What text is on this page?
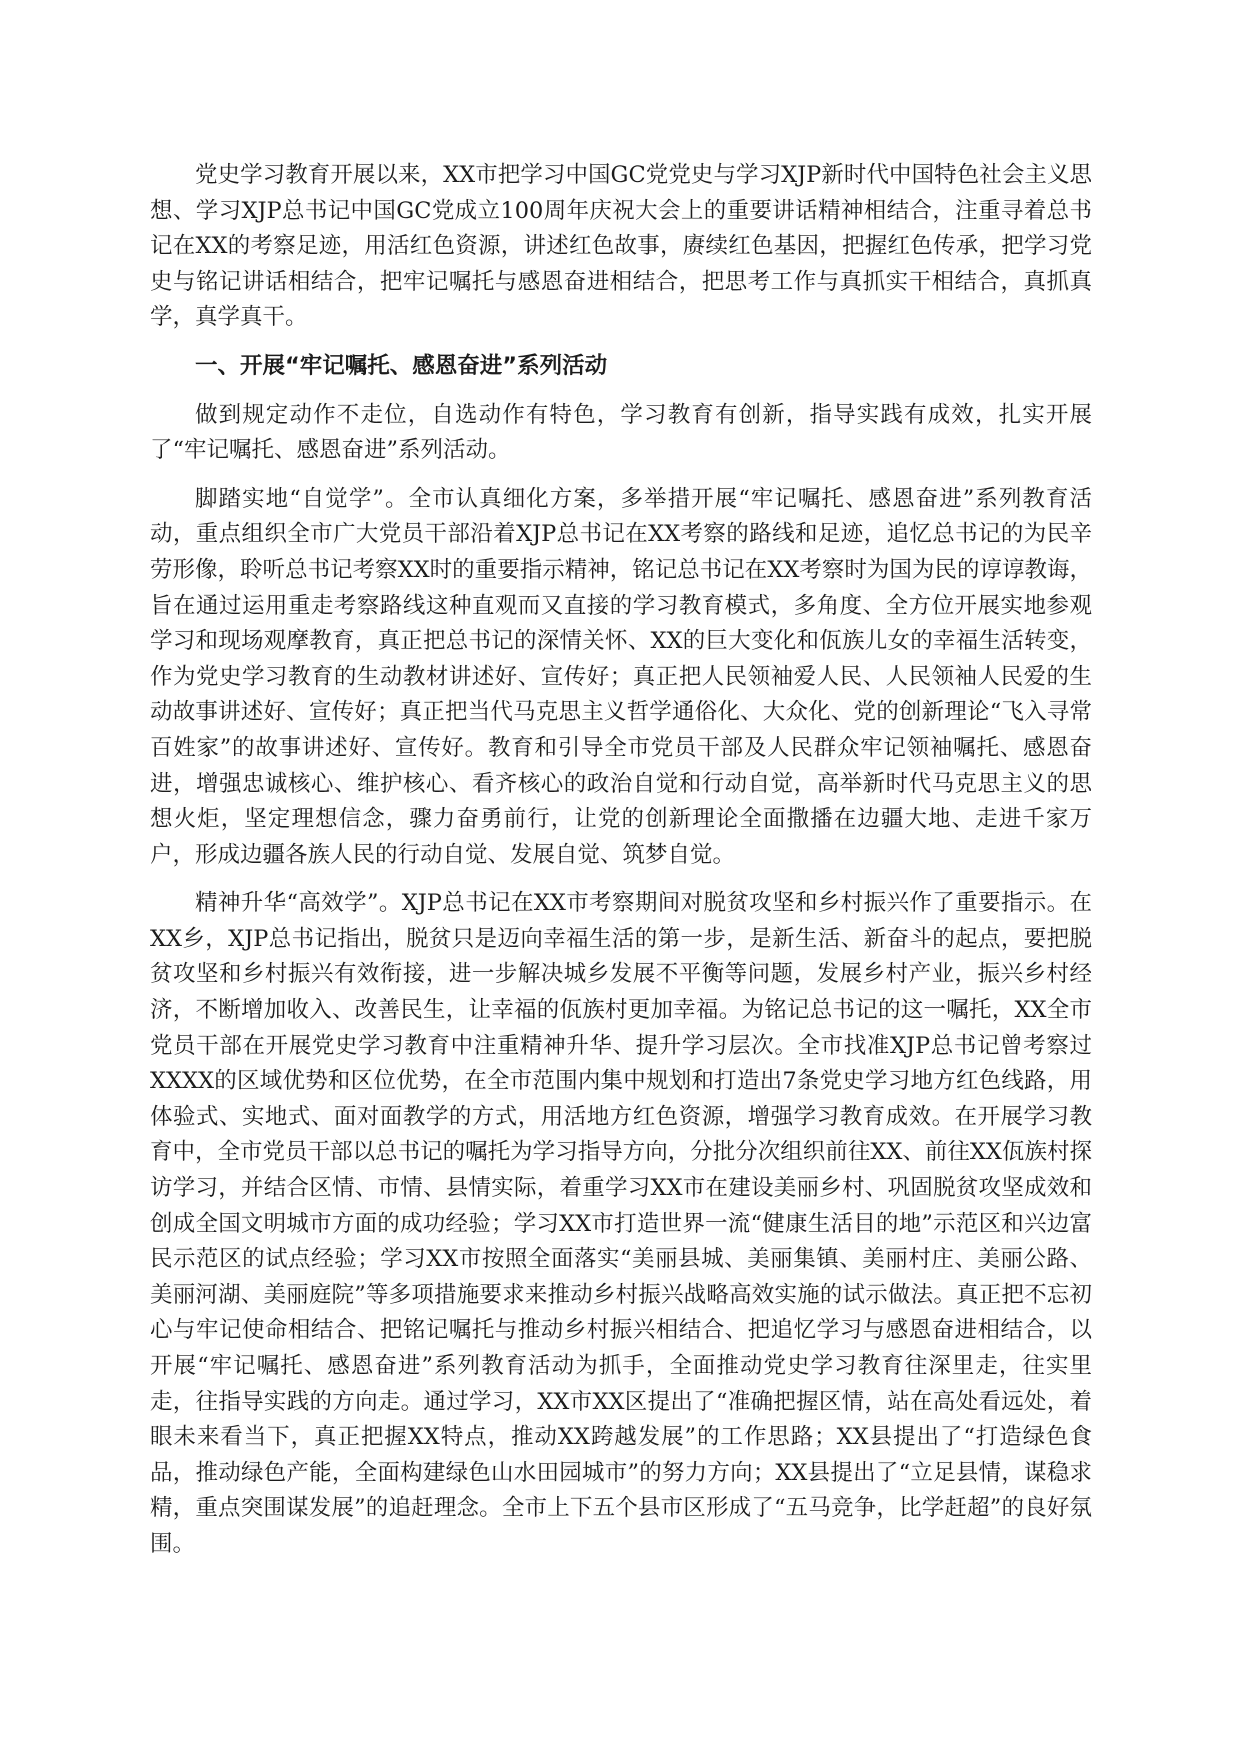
党史学习教育开展以来，XX市把学习中国GC党党史与学习XJP新时代中国特色社会主义思想、学习XJP总书记中国GC党成立100周年庆祝大会上的重要讲话精神相结合，注重寻着总书记在XX的考察足迹，用活红色资源，讲述红色故事，赓续红色基因，把握红色传承，把学习党史与铭记讲话相结合，把牢记嘱托与感恩奋进相结合，把思考工作与真抓实干相结合，真抓真学，真学真干。

一、开展“牢记嘱托、感恩奋进”系列活动

做到规定动作不走位，自选动作有特色，学习教育有创新，指导实践有成效，扎实开展了“牢记嘱托、感恩奋进”系列活动。

脚踏实地“自觉学”。全市认真细化方案，多举措开展“牢记嘱托、感恩奋进”系列教育活动，重点组织全市广大党员干部沿着XJP总书记在XX考察的路线和足迹，追忆总书记的为民辛劳形像，聆听总书记考察XX时的重要指示精神，铭记总书记在XX考察时为国为民的谆谆教诲，旨在通过运用重走考察路线这种直观而又直接的学习教育模式，多角度、全方位开展实地参观学习和现场观摩教育，真正把总书记的深情关怀、XX的巨大变化和佤族儿女的幸福生活转变，作为党史学习教育的生动教材讲述好、宣传好；真正把人民领袖爱人民、人民领袖人民爱的生动故事讲述好、宣传好；真正把当代马克思主义哲学通俗化、大众化、党的创新理论“飞入寻常百姓家”的故事讲述好、宣传好。教育和引导全市党员干部及人民群众牢记领袖嘱托、感恩奋进，增强忠诚核心、维护核心、看齐核心的政治自觉和行动自觉，高举新时代马克思主义的思想火炬，坚定理想信念，骤力奋勇前行，让党的创新理论全面撒播在边疆大地、走进千家万户，形成边疆各族人民的行动自觉、发展自觉、筑梦自觉。

精神升华“高效学”。XJP总书记在XX市考察期间对脱贫攻坚和乡村振兴作了重要指示。在XX乡，XJP总书记指出，脱贫只是迈向幸福生活的第一步，是新生活、新奋斗的起点，要把脱贫攻坚和乡村振兴有效衔接，进一步解决城乡发展不平衡等问题，发展乡村产业，振兴乡村经济，不断增加收入、改善民生，让幸福的佤族村更加幸福。为铭记总书记的这一嘱托，XX全市党员干部在开展党史学习教育中注重精神升华、提升学习层次。全市找准XJP总书记曾考察过XXXX的区域优势和区位优势，在全市范围内集中规划和打造出7条党史学习地方红色线路，用体验式、实地式、面对面教学的方式，用活地方红色资源，增强学习教育成效。在开展学习教育中，全市党员干部以总书记的嘱托为学习指导方向，分批分次组织前往XX、前往XX佤族村探访学习，并结合区情、市情、县情实际，着重学习XX市在建设美丽乡村、巩固脱贫攻坚成效和创成全国文明城市方面的成功经验；学习XX市打造世界一流“健康生活目的地”示范区和兴边富民示范区的试点经验；学习XX市按照全面落实“美丽县城、美丽集镇、美丽村庄、美丽公路、美丽河湖、美丽庭院”等多项措施要求来推动乡村振兴战略高效实施的试示做法。真正把不忘初心与牢记使命相结合、把铭记嘱托与推动乡村振兴相结合、把追忆学习与感恩奋进相结合，以开展“牢记嘱托、感恩奋进”系列教育活动为抓手，全面推动党史学习教育往深里走，往实里走，往指导实践的方向走。通过学习，XX市XX区提出了“准确把握区情，站在高处看远处，着眼未来看当下，真正把握XX特点，推动XX跨越发展”的工作思路；XX县提出了“打造绿色食品，推动绿色产能，全面构建绿色山水田园城市”的努力方向；XX县提出了“立足县情，谋稳求精，重点突围谋发展”的追赶理念。全市上下五个县市区形成了“五马竞争，比学赶超”的良好氛围。
